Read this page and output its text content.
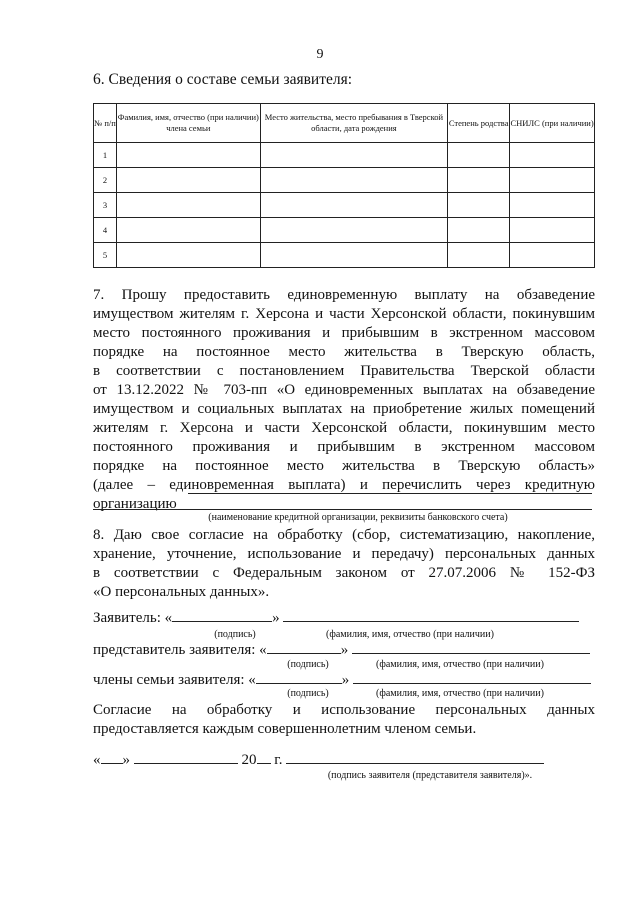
9
6. Сведения о составе семьи заявителя:
№ п/п	Фамилия, имя, отчество (при наличии) члена семьи	Место жительства, место пребывания в Тверской области, дата рождения	Степень родства	СНИЛС (при наличии)
1				
2				
3				
4				
5				
7. Прошу предоставить единовременную выплату на обзаведение
имуществом жителям г. Херсона и части Херсонской области, покинувшим
место постоянного проживания и прибывшим в экстренном массовом
порядке на постоянное место жительства в Тверскую область,
в соответствии с постановлением Правительства Тверской области
от 13.12.2022 № 703-пп «О единовременных выплатах на обзаведение
имуществом и социальных выплатах на приобретение жилых помещений
жителям г. Херсона и части Херсонской области, покинувшим место
постоянного проживания и прибывшим в экстренном массовом
порядке на постоянное место жительства в Тверскую область»
(далее – единовременная выплата) и перечислить через кредитную
организацию
(наименование кредитной организации, реквизиты банковского счета)
8. Даю свое согласие на обработку (сбор, систематизацию, накопление,
хранение, уточнение, использование и передачу) персональных данных
в соответствии с Федеральным законом от 27.07.2006 № 152-ФЗ
«О персональных данных».
Заявитель: «	»
(подпись)	(фамилия, имя, отчество (при наличии)
представитель заявителя: «	»
(подпись)	(фамилия, имя, отчество (при наличии)
члены семьи заявителя: «	»
(подпись)	(фамилия, имя, отчество (при наличии)
Согласие на обработку и использование персональных данных
предоставляется каждым совершеннолетним членом семьи.
« »	20 г.
(подпись заявителя (представителя заявителя)».
